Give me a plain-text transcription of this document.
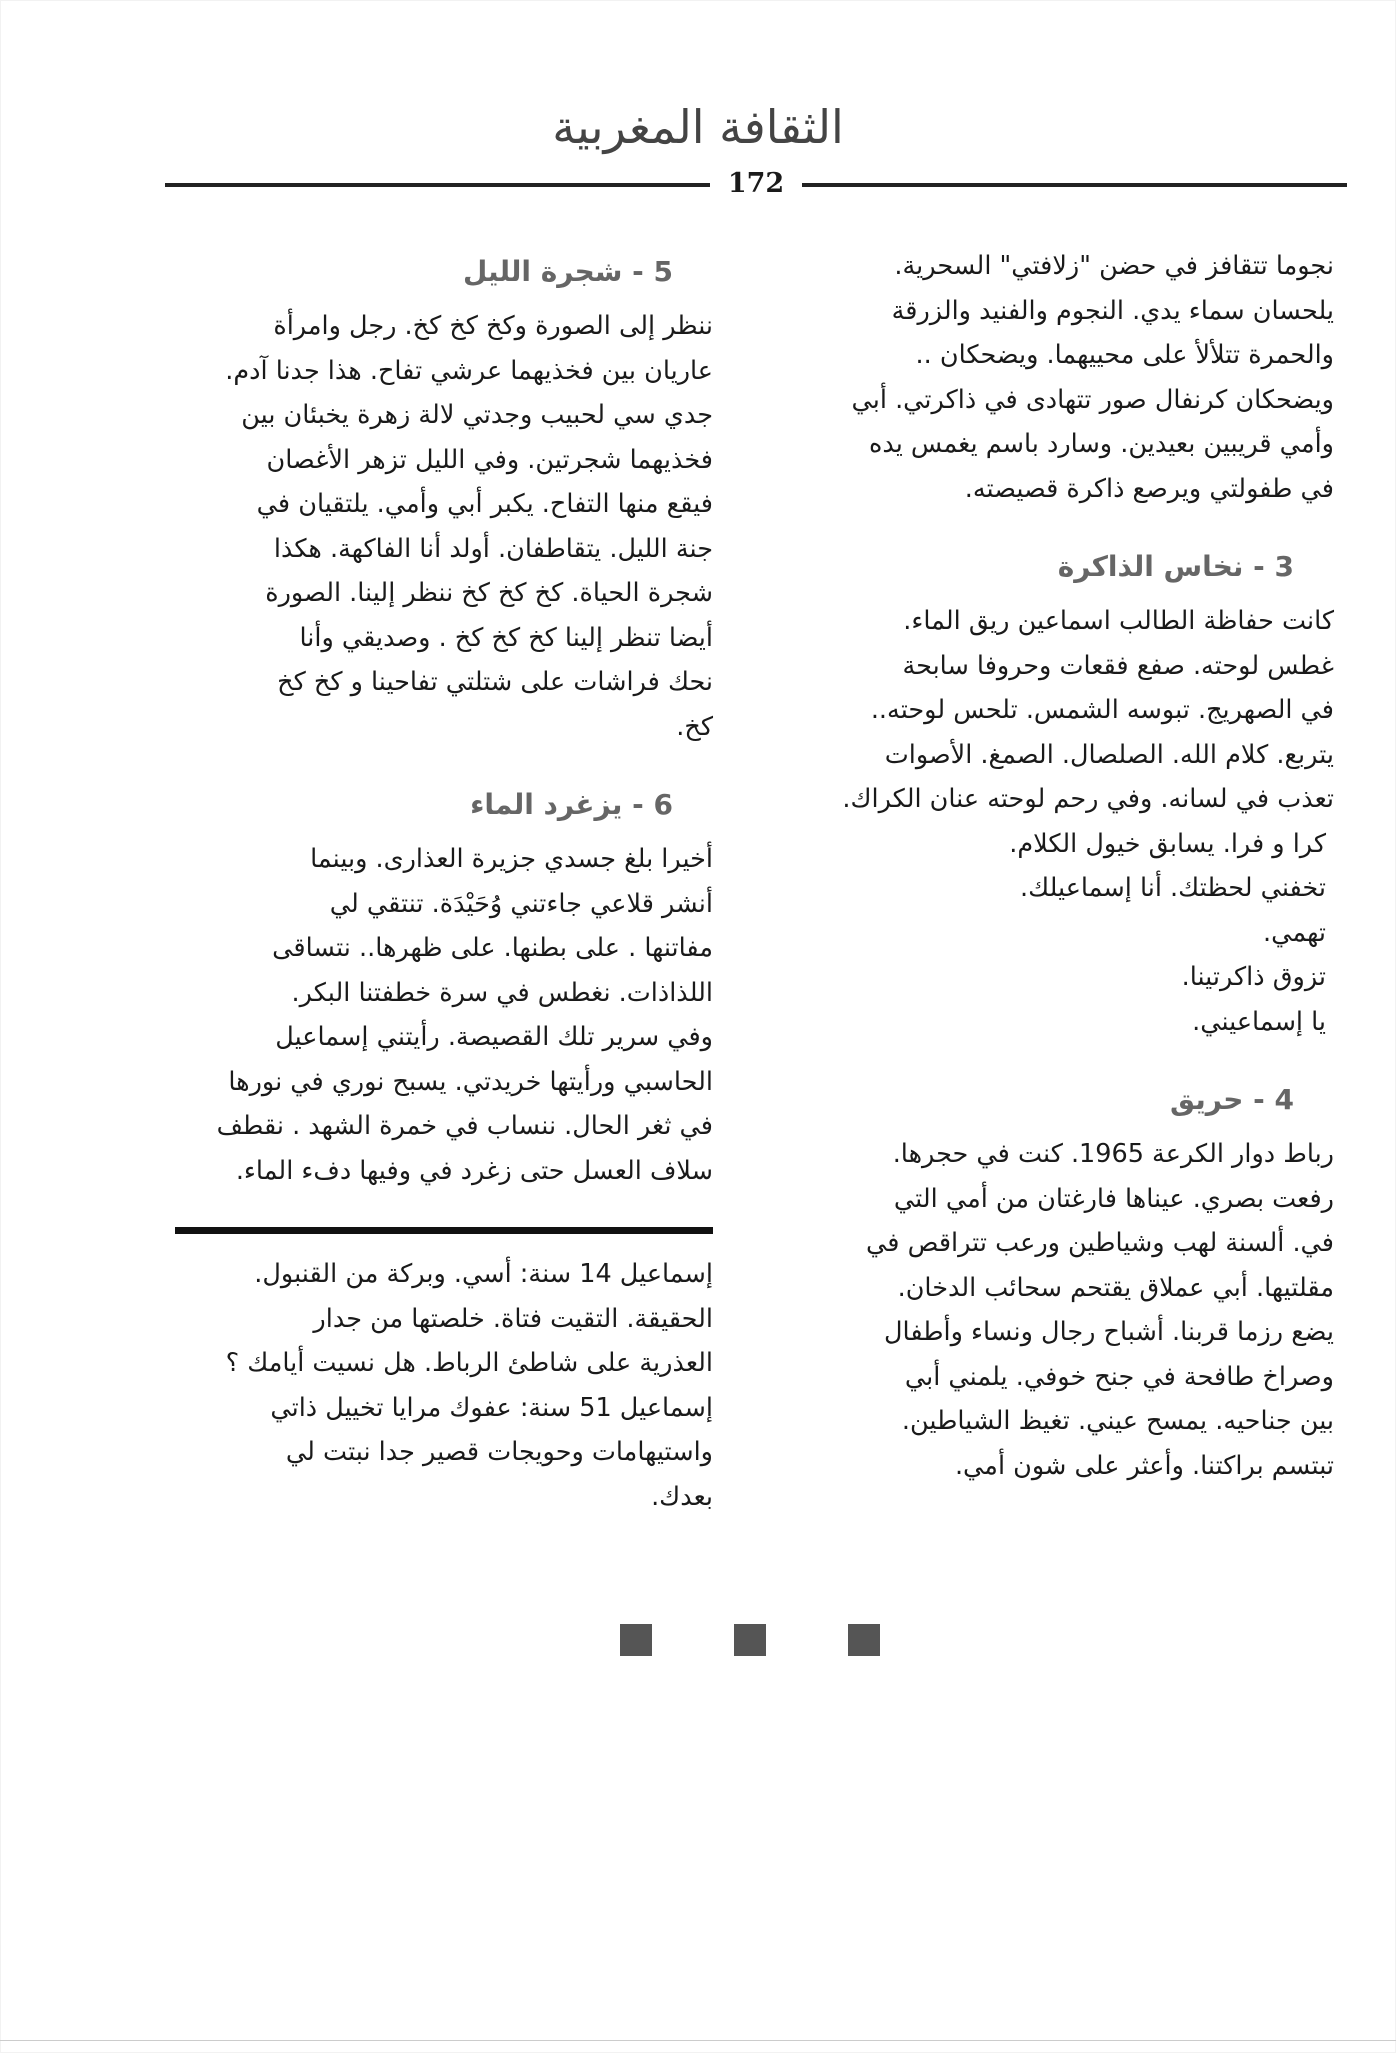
الثقافة المغربية
172

نجوما تتقافز في حضن "زلافتي" السحرية.

يلحسان سماء يدي. النجوم والفنيد والزرقة

والحمرة تتلألأ على محييهما. ويضحكان ..

ويضحكان كرنفال صور تتهادى في ذاكرتي. أبي

وأمي قريبين بعيدين. وسارد باسم يغمس يده

في طفولتي ويرصع ذاكرة قصيصته.

3 - نخاس الذاكرة

كانت حفاظة الطالب اسماعين ريق الماء.

غطس لوحته. صفع فقعات وحروفا سابحة

في الصهريج. تبوسه الشمس. تلحس لوحته..

يتربع. كلام الله. الصلصال. الصمغ. الأصوات

تعذب في لسانه. وفي رحم لوحته عنان الكراك.

كرا و فرا. يسابق خيول الكلام.

تخفني لحظتك. أنا إسماعيلك.

تهمي.

تزوق ذاكرتينا.

يا إسماعيني.

4 - حريق

رباط دوار الكرعة 1965. كنت في حجرها.

رفعت بصري. عيناها فارغتان من أمي التي

في. ألسنة لهب وشياطين ورعب تتراقص في

مقلتيها. أبي عملاق يقتحم سحائب الدخان.

يضع رزما قربنا. أشباح رجال ونساء وأطفال

وصراخ طافحة في جنح خوفي. يلمني أبي

بين جناحيه. يمسح عيني. تغيظ الشياطين.

تبتسم براكتنا. وأعثر على شون أمي.

5 - شجرة الليل

ننظر إلى الصورة وكخ كخ كخ. رجل وامرأة

عاريان بين فخذيهما عرشي تفاح. هذا جدنا آدم.

جدي سي لحبيب وجدتي لالة زهرة يخبئان بين

فخذيهما شجرتين. وفي الليل تزهر الأغصان

فيقع منها التفاح. يكبر أبي وأمي. يلتقيان في

جنة الليل. يتقاطفان. أولد أنا الفاكهة. هكذا

شجرة الحياة. كخ كخ كخ ننظر إلينا. الصورة

أيضا تنظر إلينا كخ كخ كخ . وصديقي وأنا

نحك فراشات على شتلتي تفاحينا و كخ كخ

كخ.

6 - يزغرد الماء

أخيرا بلغ جسدي جزيرة العذارى. وبينما

أنشر قلاعي جاءتني وُحَيْدَة. تنتقي لي

مفاتنها . على بطنها. على ظهرها.. نتساقى

اللذاذات. نغطس في سرة خطفتنا البكر.

وفي سرير تلك القصيصة. رأيتني إسماعيل

الحاسبي ورأيتها خريدتي. يسبح نوري في نورها

في ثغر الحال. ننساب في خمرة الشهد . نقطف

سلاف العسل حتى زغرد في وفيها دفء الماء.

إسماعيل 14 سنة: أسي. وبركة من القنبول.

الحقيقة. التقيت فتاة. خلصتها من جدار

العذرية على شاطئ الرباط. هل نسيت أيامك ؟

إسماعيل 51 سنة: عفوك مرايا تخييل ذاتي

واستيهامات وحويجات قصير جدا نبتت لي

بعدك.
